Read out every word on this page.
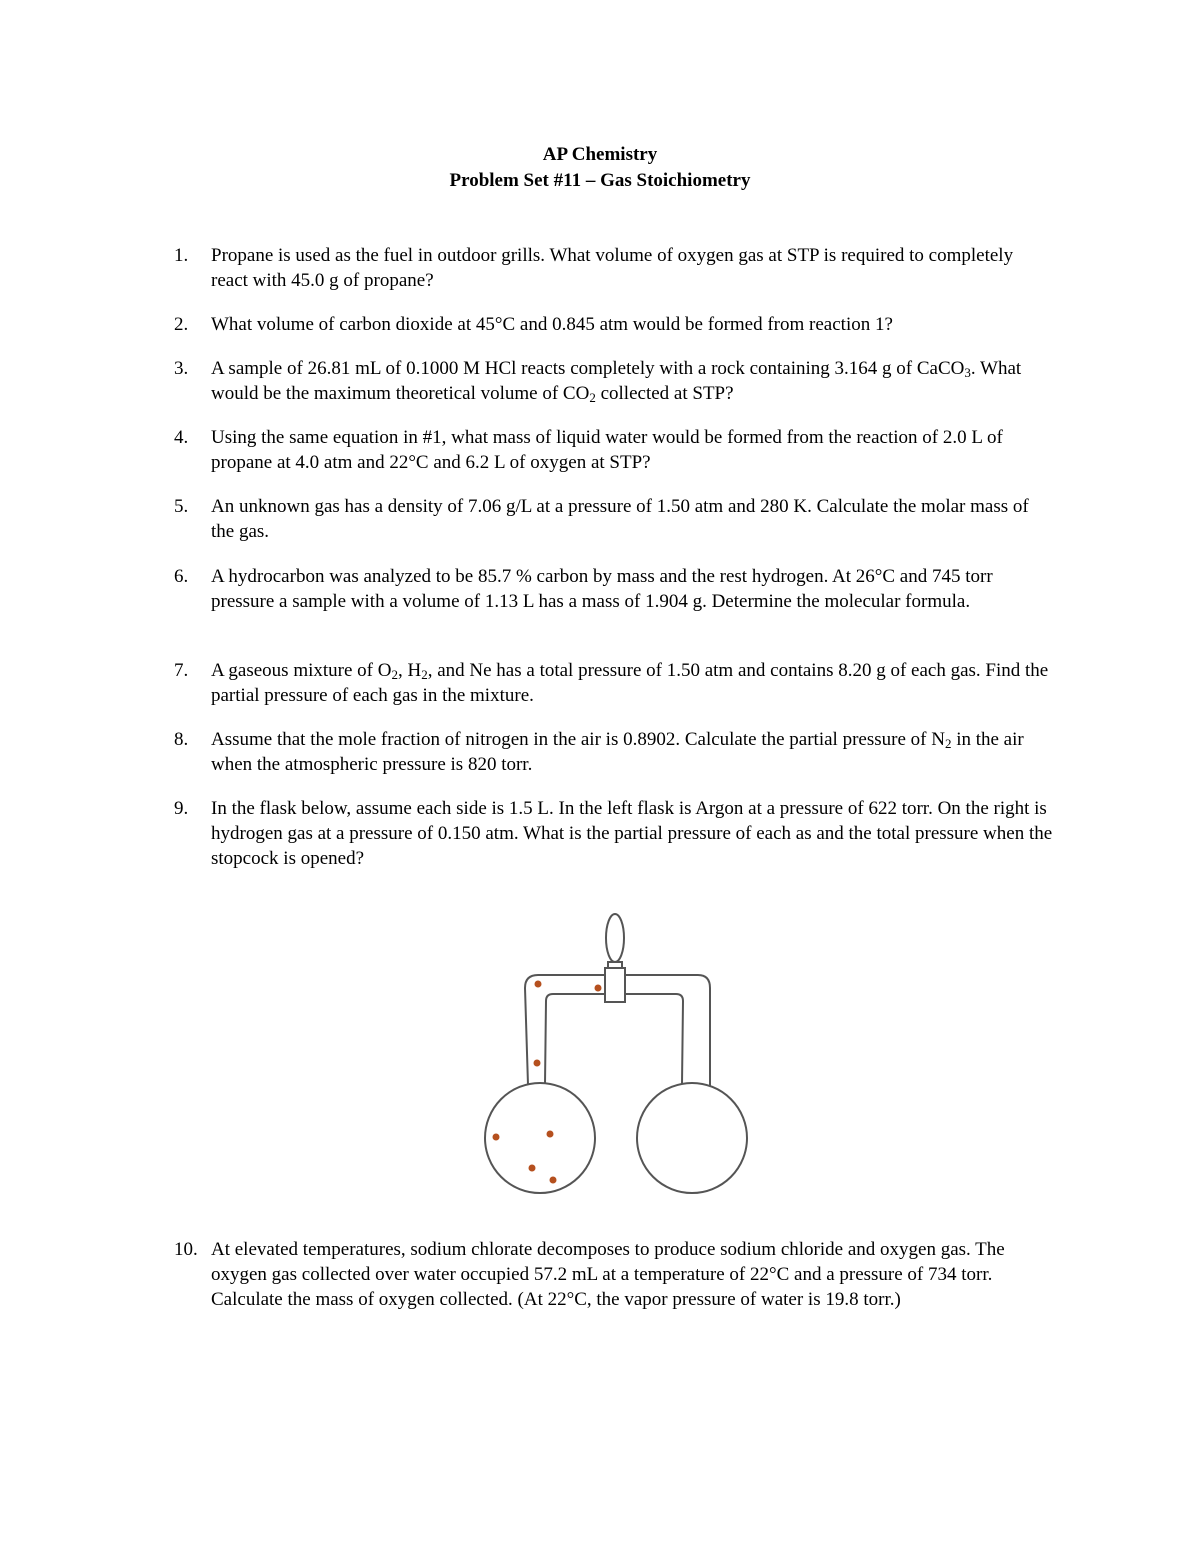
AP Chemistry
Problem Set #11 – Gas Stoichiometry
1. Propane is used as the fuel in outdoor grills. What volume of oxygen gas at STP is required to completely react with 45.0 g of propane?
2. What volume of carbon dioxide at 45°C and 0.845 atm would be formed from reaction 1?
3. A sample of 26.81 mL of 0.1000 M HCl reacts completely with a rock containing 3.164 g of CaCO$_3$. What would be the maximum theoretical volume of $CO_2$ collected at STP?
4. Using the same equation in #1, what mass of liquid water would be formed from the reaction of 2.0 L of propane at 4.0 atm and 22°C and 6.2 L of oxygen at STP?
5. An unknown gas has a density of 7.06 g/L at a pressure of 1.50 atm and 280 K. Calculate the molar mass of the gas.
6. A hydrocarbon was analyzed to be 85.7 % carbon by mass and the rest hydrogen. At 26°C and 745 torr pressure a sample with a volume of 1.13 L has a mass of 1.904 g. Determine the molecular formula.
7. A gaseous mixture of $O_2$, $H_2$, and Ne has a total pressure of 1.50 atm and contains 8.20 g of each gas. Find the partial pressure of each gas in the mixture.
8. Assume that the mole fraction of nitrogen in the air is 0.8902. Calculate the partial pressure of $N_2$ in the air when the atmospheric pressure is 820 torr.
9. In the flask below, assume each side is 1.5 L. In the left flask is Argon at a pressure of 622 torr. On the right is hydrogen gas at a pressure of 0.150 atm. What is the partial pressure of each as and the total pressure when the stopcock is opened?
10. At elevated temperatures, sodium chlorate decomposes to produce sodium chloride and oxygen gas. The oxygen gas collected over water occupied 57.2 mL at a temperature of 22°C and a pressure of 734 torr. Calculate the mass of oxygen collected. (At 22°C, the vapor pressure of water is 19.8 torr.)
